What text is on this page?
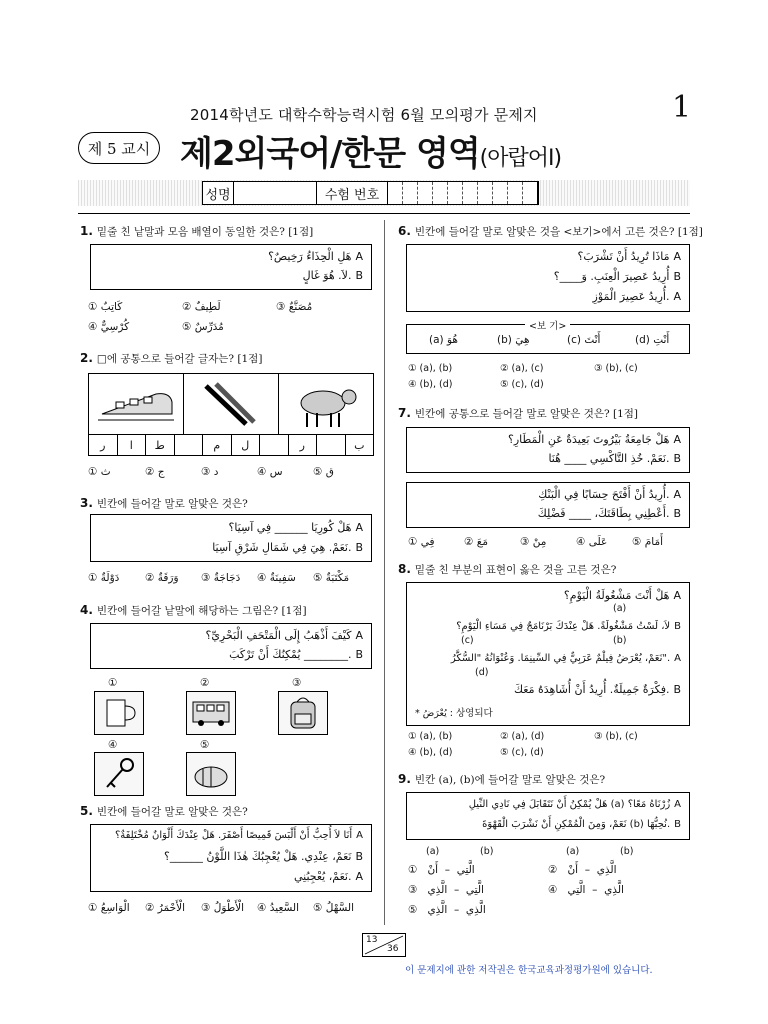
2014학년도 대학수학능력시험 6월 모의평가 문제지	1
제 5 교시 제2외국어/한문 영역(아랍어Ⅰ)
성명	수험 번호
1. 밑줄 친 낱말과 모음 배열이 동일한 것은? [1점]
هَلِ الْحِذَاءُ رَخِيصٌ؟ A
لاَ. هُوَ غَالٍ. B
① كَاتِبٌ	② لَطِيفٌ	③ مُصَنَّعٌ
④ كُرْسِيٌّ	⑤ مُدَرِّسٌ
2. □에 공통으로 들어갈 글자는? [1점]
ر	ا	ط	م	ل	ر	ب
① ث	② ج	③ د	④ س	⑤ ق
3. 빈칸에 들어갈 말로 알맞은 것은?
هَلْ كُورِيَا ______ فِي آسِيَا؟ A
نَعَمْ. هِيَ فِي شَمَالِ شَرْقِ آسِيَا. B
① دَوْلَةٌ ② وَرَقَةٌ ③ دَجَاجَةٌ ④ سَفِينَةٌ ⑤ مَكْتَبَةٌ
4. 빈칸에 들어갈 낱말에 해당하는 그림은? [1점]
كَيْفَ أَذْهَبُ إِلَى الْمَتْحَفِ الْبَحْرِيِّ؟ A
يُمْكِنُكَ أَنْ تَرْكَبَ ________. B
①	②	③
④	⑤
5. 빈칸에 들어갈 말로 알맞은 것은?
أَنَا لاَ أُحِبُّ أَنْ أَلْبَسَ قَمِيصًا أَصْفَرَ. هَلْ عِنْدَكَ أَلْوَانٌ مُخْتَلِفَةٌ؟ A
نَعَمْ، عِنْدِي. هَلْ يُعْجِبُكَ هٰذَا اللَّوْنُ ______؟ B
نَعَمْ، يُعْجِبُنِي. A
① الْوَاسِعُ ② الْأَحْمَرُ ③ الْأَطْوَلُ ④ السَّعِيدُ ⑤ السَّهْلُ
6. 빈칸에 들어갈 말로 알맞은 것을 <보기>에서 고른 것은? [1점]
مَاذَا تُرِيدُ أَنْ تَشْرَبَ؟ A
أُرِيدُ عَصِيرَ الْعِنَبِ. وَ____؟ B
أُرِيدُ عَصِيرَ الْمَوْزِ. A
<보 기>
(a) هُوَ	(b) هِيَ	(c) أَنْتَ	(d) أَنْتِ
① (a), (b)	② (a), (c)	③ (b), (c)
④ (b), (d)	⑤ (c), (d)
7. 빈칸에 공통으로 들어갈 말로 알맞은 것은? [1점]
هَلْ جَامِعَةُ بَيْرُوتَ بَعِيدَةٌ عَنِ الْمَطَارِ؟ A
نَعَمْ. خُذِ التَّاكْسِي ____ هُنَا. B
أُرِيدُ أَنْ أَفْتَحَ حِسَابًا فِي الْبَنْكِ. A
أَعْطِنِي بِطَاقَتَكَ، ____ فَضْلِكَ. B
① فِي	② مَعَ	③ مِنْ	④ عَلَى ⑤ أَمَامَ
8. 밑줄 친 부분의 표현이 옳은 것을 고른 것은?
هَلْ أَنْتَ مَشْغُولَةُ الْيَوْمِ؟ A
(a)
لاَ، لَسْتُ مَشْغُولَةً. هَلْ عِنْدَكَ بَرْنَامَجٌ فِي مَسَاءِ الْيَوْمِ؟ B
(c)	(b)
نَعَمْ، يُعْرَضُ فِيلْمٌ عَرَبِيٌّ فِي السِّينِمَا. وَعُنْوَانُهُ "السُّكَّرُ". A
(d)
فِكْرَةٌ جَمِيلَةٌ. أُرِيدُ أَنْ أُشَاهِدَهُ مَعَكَ. B
* يُعْرَضُ : 상영되다
① (a), (b)	② (a), (d)	③ (b), (c)
④ (b), (d)	⑤ (c), (d)
9. 빈칸 (a), (b)에 들어갈 말로 알맞은 것은?
هَلْ يُمْكِنُ أَنْ نَتَقَابَلَ فِي نَادِي النِّيلِ (a) زُرْنَاهُ مَعًا؟ A
نَعَمْ، وَمِنَ الْمُمْكِنِ أَنْ نَشْرَبَ الْقَهْوَةَ (b) نُحِبُّهَا. B
(a)	(b)	(a)	(b)
①	الَّتِي  –  أَنْ	②	الَّذِي  –  أَنْ
③	الَّتِي  –  الَّذِي	④	الَّذِي  –  الَّتِي
⑤	الَّذِي  –  الَّذِي
13
36
이 문제지에 관한 저작권은 한국교육과정평가원에 있습니다.
